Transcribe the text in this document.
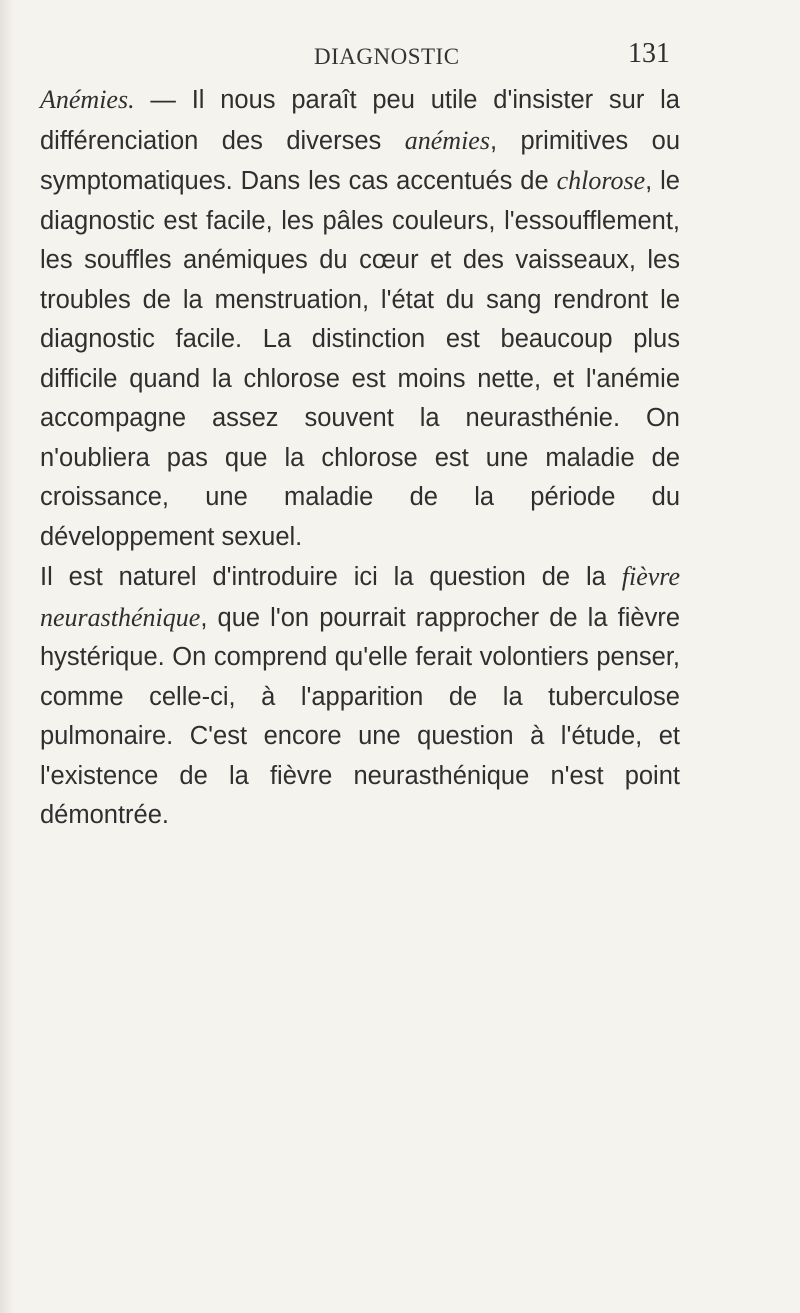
DIAGNOSTIC	131

Anémies. — Il nous paraît peu utile d'insister sur la différenciation des diverses anémies, primitives ou symptomatiques. Dans les cas accentués de chlorose, le diagnostic est facile, les pâles couleurs, l'essoufflement, les souffles anémiques du cœur et des vaisseaux, les troubles de la menstruation, l'état du sang rendront le diagnostic facile. La distinction est beaucoup plus difficile quand la chlorose est moins nette, et l'anémie accompagne assez souvent la neurasthénie. On n'oubliera pas que la chlorose est une maladie de croissance, une maladie de la période du développement sexuel.

Il est naturel d'introduire ici la question de la fièvre neurasthénique, que l'on pourrait rapprocher de la fièvre hystérique. On comprend qu'elle ferait volontiers penser, comme celle-ci, à l'apparition de la tuberculose pulmonaire. C'est encore une question à l'étude, et l'existence de la fièvre neurasthénique n'est point démontrée.
